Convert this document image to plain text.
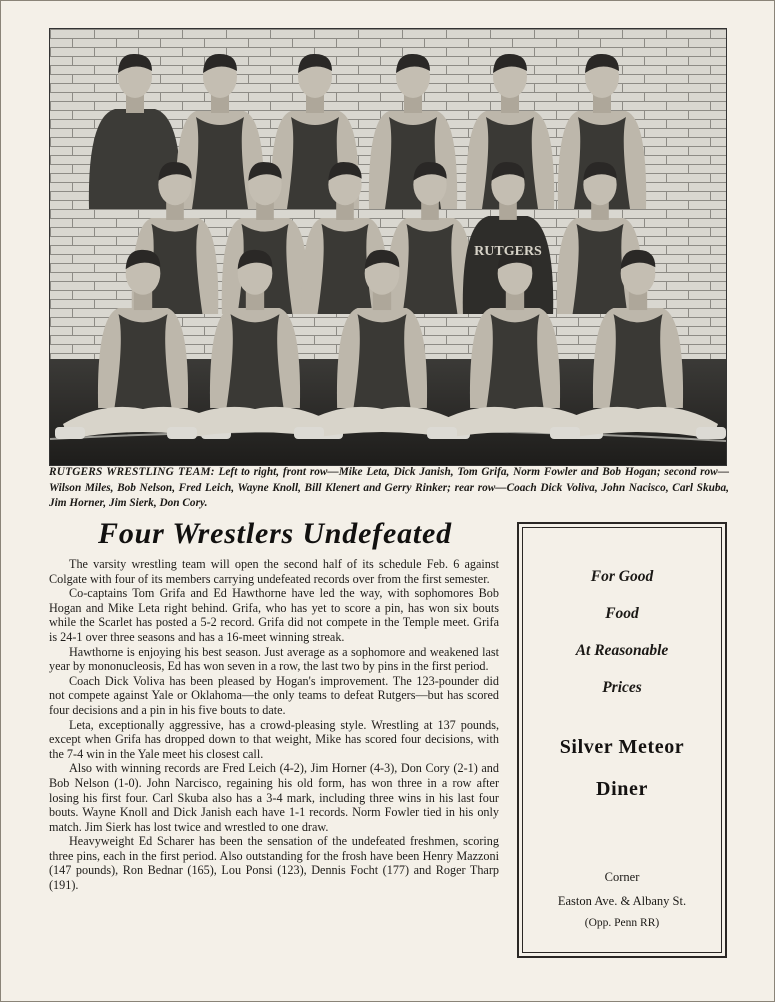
RUTGERS
RUTGERS WRESTLING TEAM: Left to right, front row—Mike Leta, Dick Janish, Tom Grifa, Norm Fowler and Bob Hogan; second row—Wilson Miles, Bob Nelson, Fred Leich, Wayne Knoll, Bill Klenert and Gerry Rinker; rear row—Coach Dick Voliva, John Nacisco, Carl Skuba, Jim Horner, Jim Sierk, Don Cory.
Four Wrestlers Undefeated

The varsity wrestling team will open the second half of its schedule Feb. 6 against Colgate with four of its members carrying undefeated records over from the first semester.

Co-captains Tom Grifa and Ed Hawthorne have led the way, with sophomores Bob Hogan and Mike Leta right behind. Grifa, who has yet to score a pin, has won six bouts while the Scarlet has posted a 5-2 record. Grifa did not compete in the Temple meet. Grifa is 24-1 over three seasons and has a 16-meet winning streak.

Hawthorne is enjoying his best season. Just average as a sophomore and weakened last year by mononucleosis, Ed has won seven in a row, the last two by pins in the first period.

Coach Dick Voliva has been pleased by Hogan's improvement. The 123-pounder did not compete against Yale or Oklahoma—the only teams to defeat Rutgers—but has scored four decisions and a pin in his five bouts to date.

Leta, exceptionally aggressive, has a crowd-pleasing style. Wrestling at 137 pounds, except when Grifa has dropped down to that weight, Mike has scored four decisions, with the 7-4 win in the Yale meet his closest call.

Also with winning records are Fred Leich (4-2), Jim Horner (4-3), Don Cory (2-1) and Bob Nelson (1-0). John Narcisco, regaining his old form, has won three in a row after losing his first four. Carl Skuba also has a 3-4 mark, including three wins in his last four bouts. Wayne Knoll and Dick Janish each have 1-1 records. Norm Fowler tied in his only match. Jim Sierk has lost twice and wrestled to one draw.

Heavyweight Ed Scharer has been the sensation of the undefeated freshmen, scoring three pins, each in the first period. Also outstanding for the frosh have been Henry Mazzoni (147 pounds), Ron Bednar (165), Lou Ponsi (123), Dennis Focht (177) and Roger Tharp (191).

For Good
Food
At Reasonable
Prices
Silver Meteor
Diner
Corner
Easton Ave. & Albany St.
(Opp. Penn RR)
